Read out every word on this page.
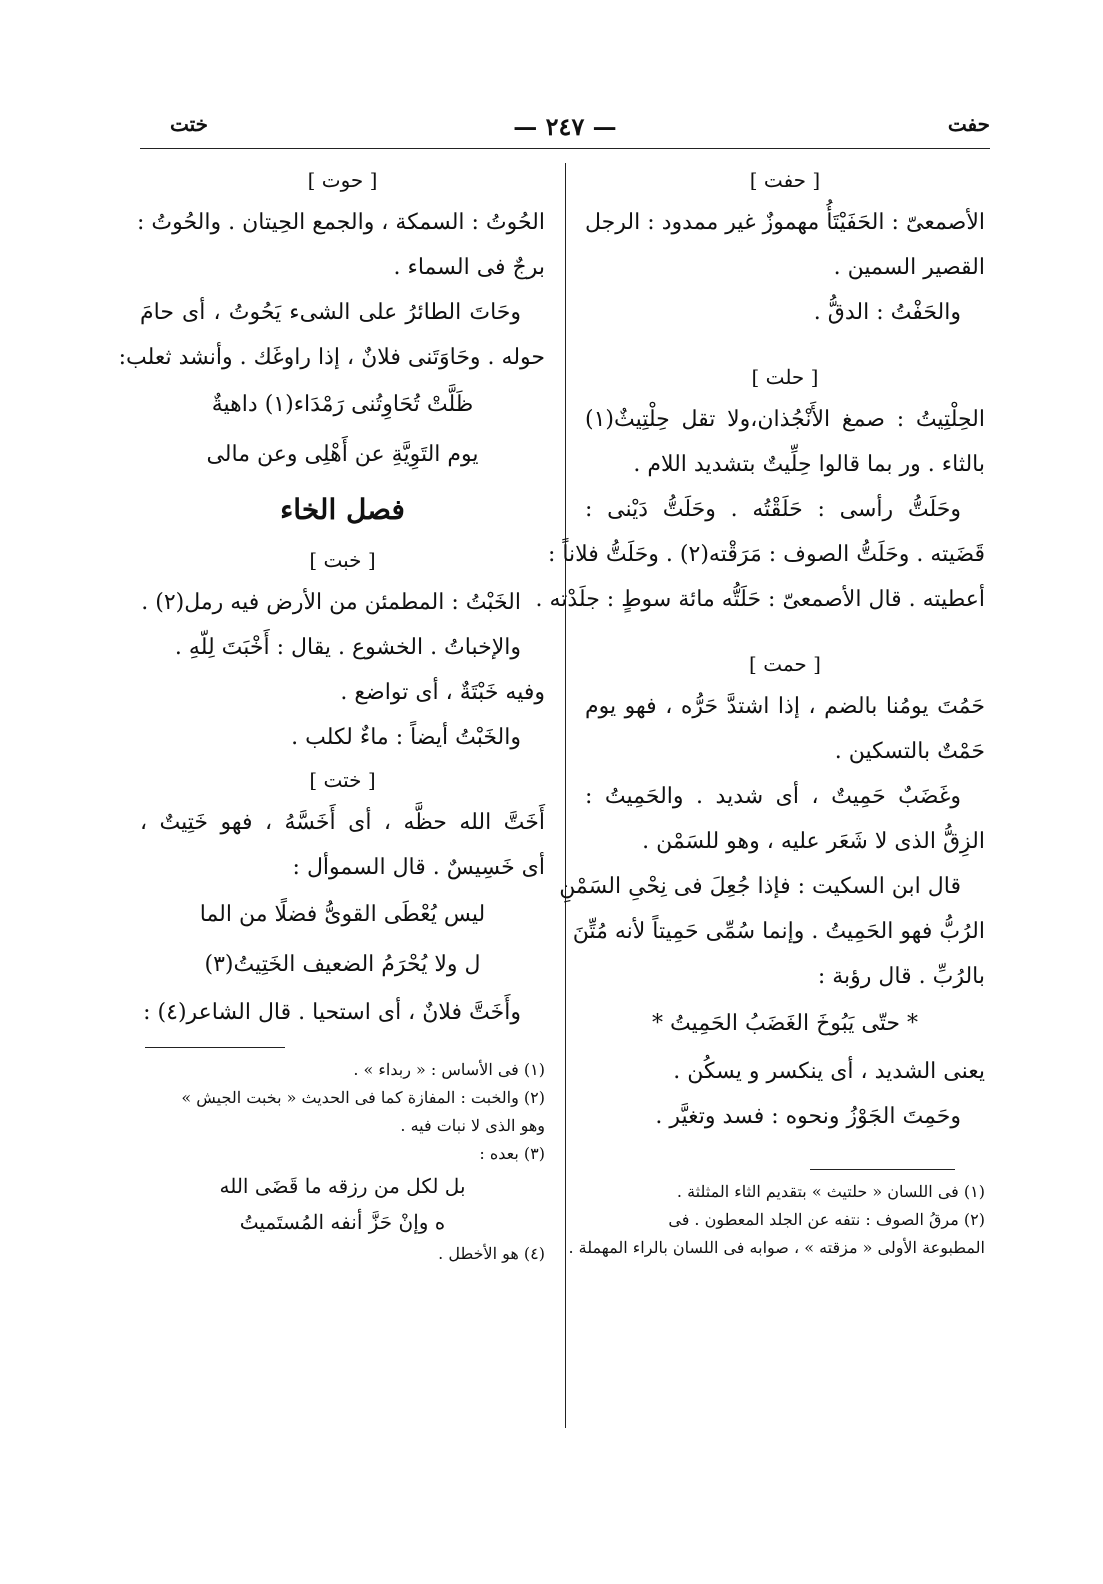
حفت
— ٢٤٧ —
ختت
[ حفت ]
الأصمعىّ : الحَفَيْتَأُ مهموزٌ غير ممدود : الرجل
القصير السمين .
والحَفْتُ : الدقُّ .
[ حلت ]
الحِلْتِيتُ : صمغ الأَنْجُذان،ولا تقل حِلْتِيثٌ(١)
بالثاء . ور بما قالوا حِلِّيتٌ بتشديد اللام .
وحَلَتُّ رأسى : حَلَقْتُه . وحَلَتُّ دَيْنى :
قَضَيته . وحَلَتُّ الصوف : مَرَقْته(٢) . وحَلَتُّ فلاناً :
أعطيته . قال الأصمعىّ : حَلَتُّه مائة سوطٍ : جلَدْته .
[ حمت ]
حَمُتَ يومُنا بالضم ، إذا اشتدَّ حَرُّه ، فهو يوم
حَمْتٌ بالتسكين .
وغَضَبٌ حَمِيتٌ ، أى شديد . والحَمِيتُ :
الزِقُّ الذى لا شَعَر عليه ، وهو للسَمْن .
قال ابن السكيت : فإذا جُعِلَ فى نِحْىِ السَمْنِ
الرُبُّ فهو الحَمِيتُ . وإنما سُمِّى حَمِيتاً لأنه مُتِّنَ
بالرُبِّ . قال رؤبة :
* حتّى يَبُوخَ الغَضَبُ الحَمِيتُ *
يعنى الشديد ، أى ينكسر و يسكُن .
وحَمِتَ الجَوْزُ ونحوه : فسد وتغيَّر .
(١) فى اللسان « حلتيث » بتقديم الثاء المثلثة .
(٢) مرقُ الصوف : نتفه عن الجلد المعطون . فى
المطبوعة الأولى « مزقته » ، صوابه فى اللسان بالراء المهملة .
[ حوت ]
الحُوتُ : السمكة ، والجمع الحِيتان . والحُوتُ :
برجٌ فى السماء .
وحَاتَ الطائرُ على الشىء يَحُوتُ ، أى حامَ
حوله . وحَاوَتَنى فلانٌ ، إذا راوغَك . وأنشد ثعلب:
ظَلَّتْ تُحَاوِتُنى رَمْدَاء(١) داهيةٌ
يوم التَوِيَّةِ عن أَهْلِى وعن مالى
فصل الخاء
[ خبت ]
الخَبْتُ : المطمئن من الأرض فيه رمل(٢) .
والإخباتُ . الخشوع . يقال : أَخْبَتَ لِلّهِ .
وفيه خَبْتَةٌ ، أى تواضع .
والخَبْتُ أيضاً : ماءٌ لكلب .
[ ختت ]
أَخَتَّ الله حظَّه ، أى أَخَسَّهُ ، فهو خَتِيتٌ ،
أى خَسِيسٌ . قال السموأل :
ليس يُعْطَى القوىُّ فضلًا من الما
ل ولا يُحْرَمُ الضعيف الخَتِيتُ(٣)
وأَخَتَّ فلانٌ ، أى استحيا . قال الشاعر(٤) :
(١) فى الأساس : « ربداء » .
(٢) والخبت : المفازة كما فى الحديث « بخبت الجيش »
وهو الذى لا نبات فيه .
(٣) بعده :
بل لكل من رزقه ما قَضَى الله
ه وإنْ حَزَّ أنفه المُستَميتُ
(٤) هو الأخطل .
